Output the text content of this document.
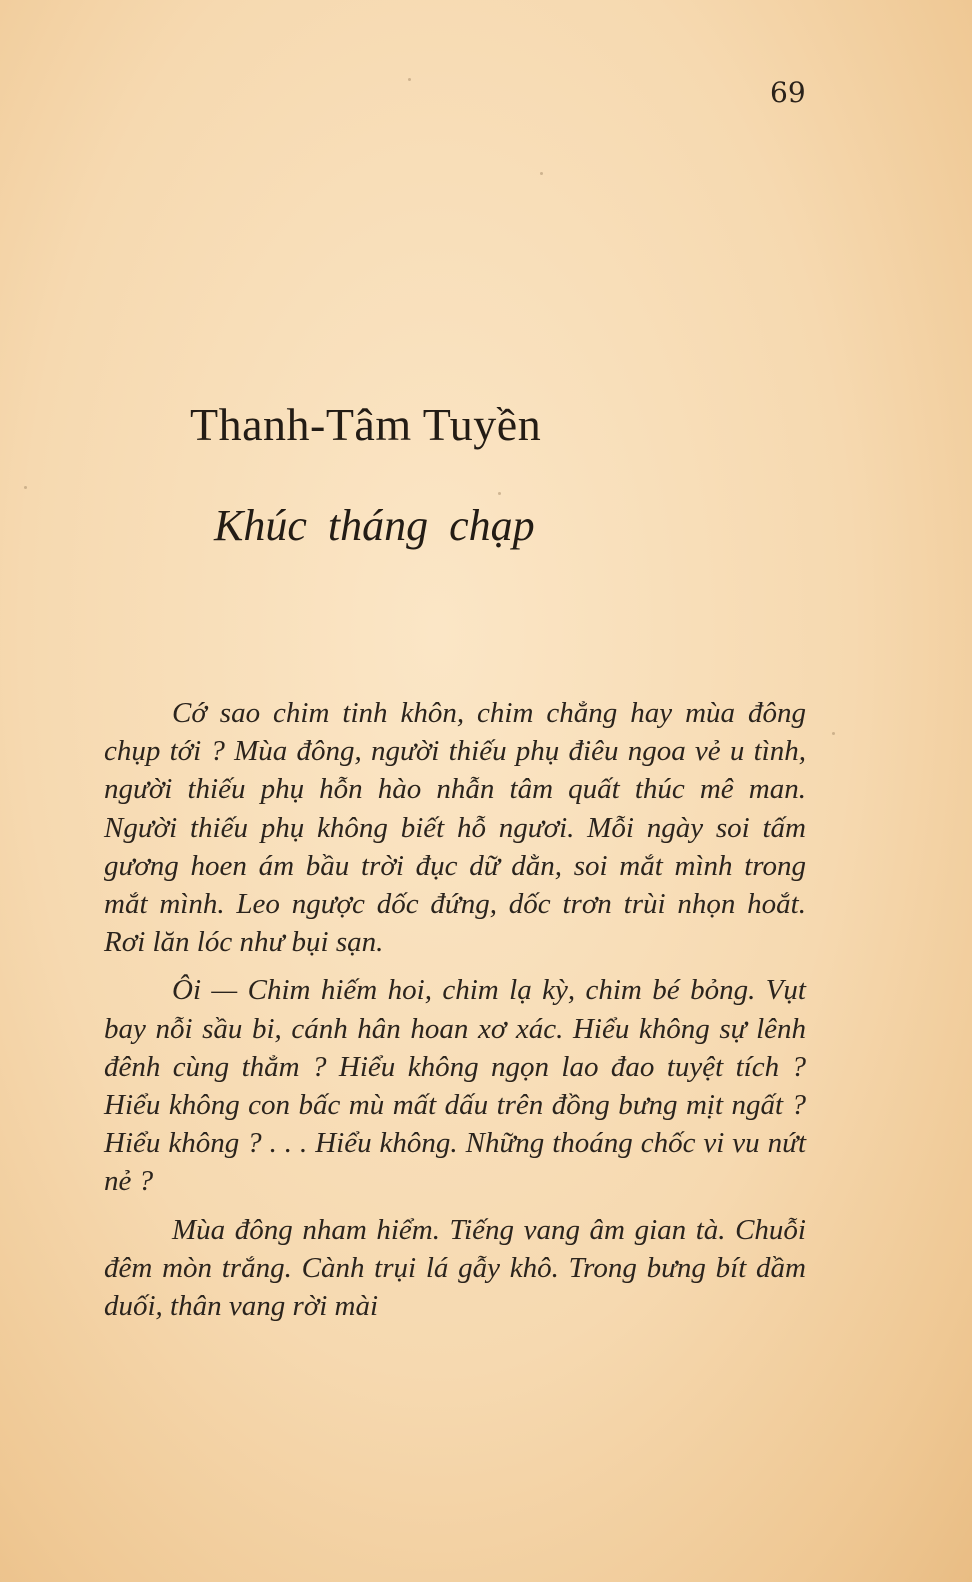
69
Thanh-Tâm Tuyền
Khúc tháng chạp

Cớ sao chim tinh khôn, chim chẳng hay mùa đông chụp tới ? Mùa đông, người thiếu phụ điêu ngoa vẻ u tình, người thiếu phụ hỗn hào nhẫn tâm quất thúc mê man. Người thiếu phụ không biết hỗ ngươi. Mỗi ngày soi tấm gương hoen ám bầu trời đục dữ dằn, soi mắt mình trong mắt mình. Leo ngược dốc đứng, dốc trơn trùi nhọn hoắt. Rơi lăn lóc như bụi sạn.

Ôi — Chim hiếm hoi, chim lạ kỳ, chim bé bỏng. Vụt bay nỗi sầu bi, cánh hân hoan xơ xác. Hiểu không sự lênh đênh cùng thẳm ? Hiểu không ngọn lao đao tuyệt tích ? Hiểu không con bấc mù mất dấu trên đồng bưng mịt ngất ? Hiểu không ? . . . Hiểu không. Những thoáng chốc vi vu nứt nẻ ?

Mùa đông nham hiểm. Tiếng vang âm gian tà. Chuỗi đêm mòn trắng. Cành trụi lá gẫy khô. Trong bưng bít dầm duối, thân vang rời mài
